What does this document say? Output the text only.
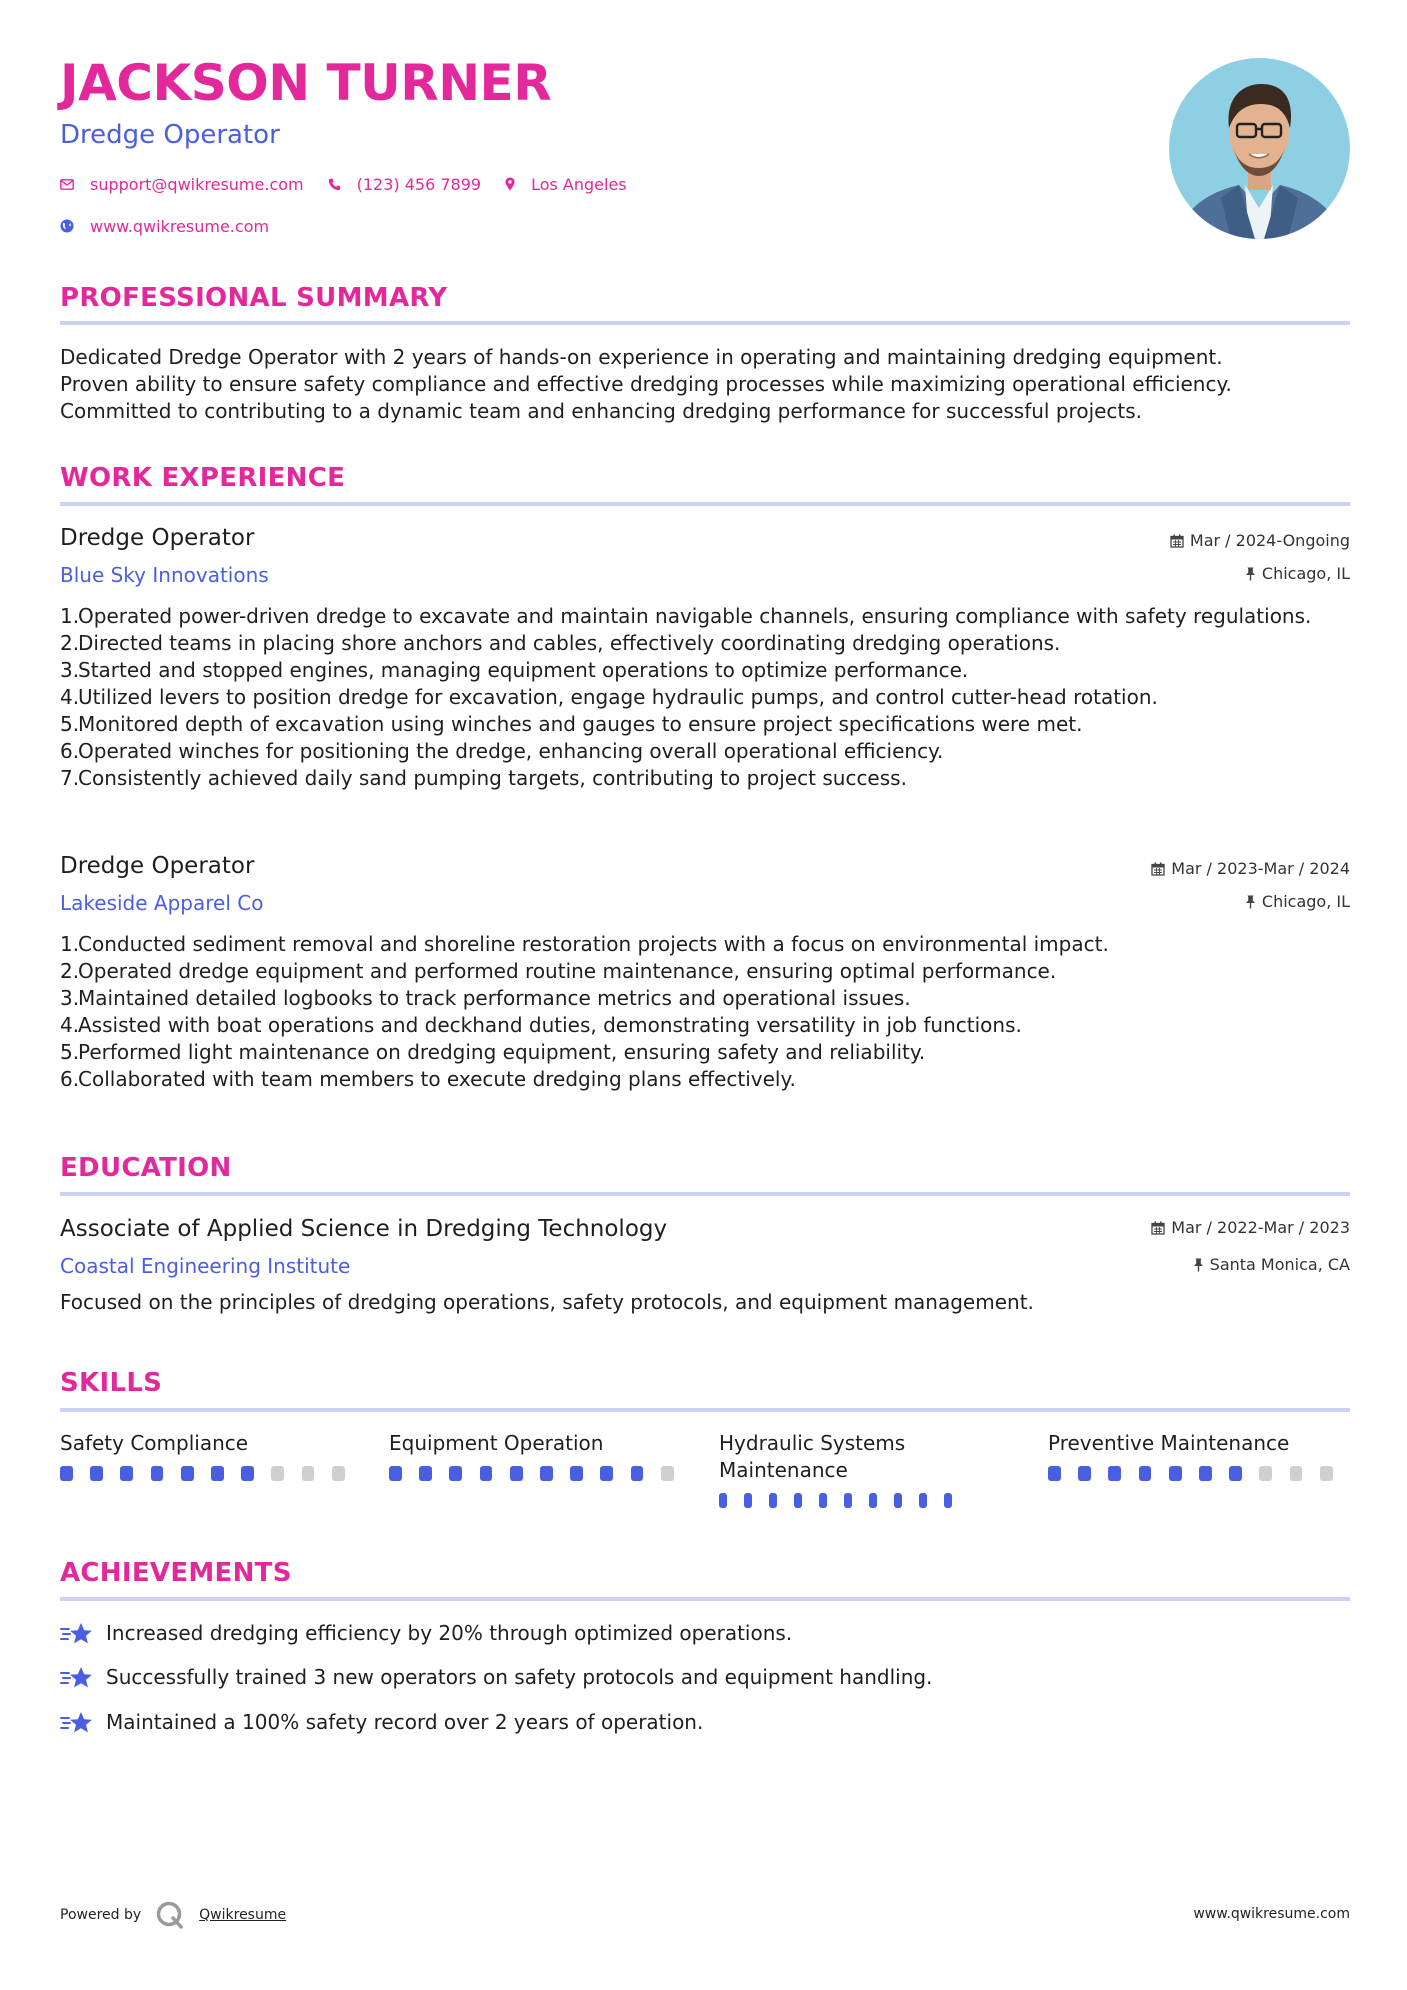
JACKSON TURNER
Dredge Operator
support@qwikresume.com	(123) 456 7899	Los Angeles
www.qwikresume.com
PROFESSIONAL SUMMARY

Dedicated Dredge Operator with 2 years of hands-on experience in operating and maintaining dredging equipment.

Proven ability to ensure safety compliance and effective dredging processes while maximizing operational efficiency.

Committed to contributing to a dynamic team and enhancing dredging performance for successful projects.

WORK EXPERIENCE
Dredge Operator
Blue Sky Innovations
Mar / 2024-Ongoing
Chicago, IL
1.
Operated power-driven dredge to excavate and maintain navigable channels, ensuring compliance with safety regulations.
2.
Directed teams in placing shore anchors and cables, effectively coordinating dredging operations.
3.
Started and stopped engines, managing equipment operations to optimize performance.
4.
Utilized levers to position dredge for excavation, engage hydraulic pumps, and control cutter-head rotation.
5.
Monitored depth of excavation using winches and gauges to ensure project specifications were met.
6.
Operated winches for positioning the dredge, enhancing overall operational efficiency.
7.
Consistently achieved daily sand pumping targets, contributing to project success.
Dredge Operator
Lakeside Apparel Co
Mar / 2023-Mar / 2024
Chicago, IL
1.
Conducted sediment removal and shoreline restoration projects with a focus on environmental impact.
2.
Operated dredge equipment and performed routine maintenance, ensuring optimal performance.
3.
Maintained detailed logbooks to track performance metrics and operational issues.
4.
Assisted with boat operations and deckhand duties, demonstrating versatility in job functions.
5.
Performed light maintenance on dredging equipment, ensuring safety and reliability.
6.
Collaborated with team members to execute dredging plans effectively.
EDUCATION
Associate of Applied Science in Dredging Technology
Coastal Engineering Institute
Mar / 2022-Mar / 2023
Santa Monica, CA

Focused on the principles of dredging operations, safety protocols, and equipment management.

SKILLS

Safety Compliance	Equipment Operation	Hydraulic Systems Maintenance

Preventive Maintenance

ACHIEVEMENTS
Increased dredging efficiency by 20% through optimized operations.
Successfully trained 3 new operators on safety protocols and equipment handling.
Maintained a 100% safety record over 2 years of operation.
Powered by	Qwikresume	www.qwikresume.com
